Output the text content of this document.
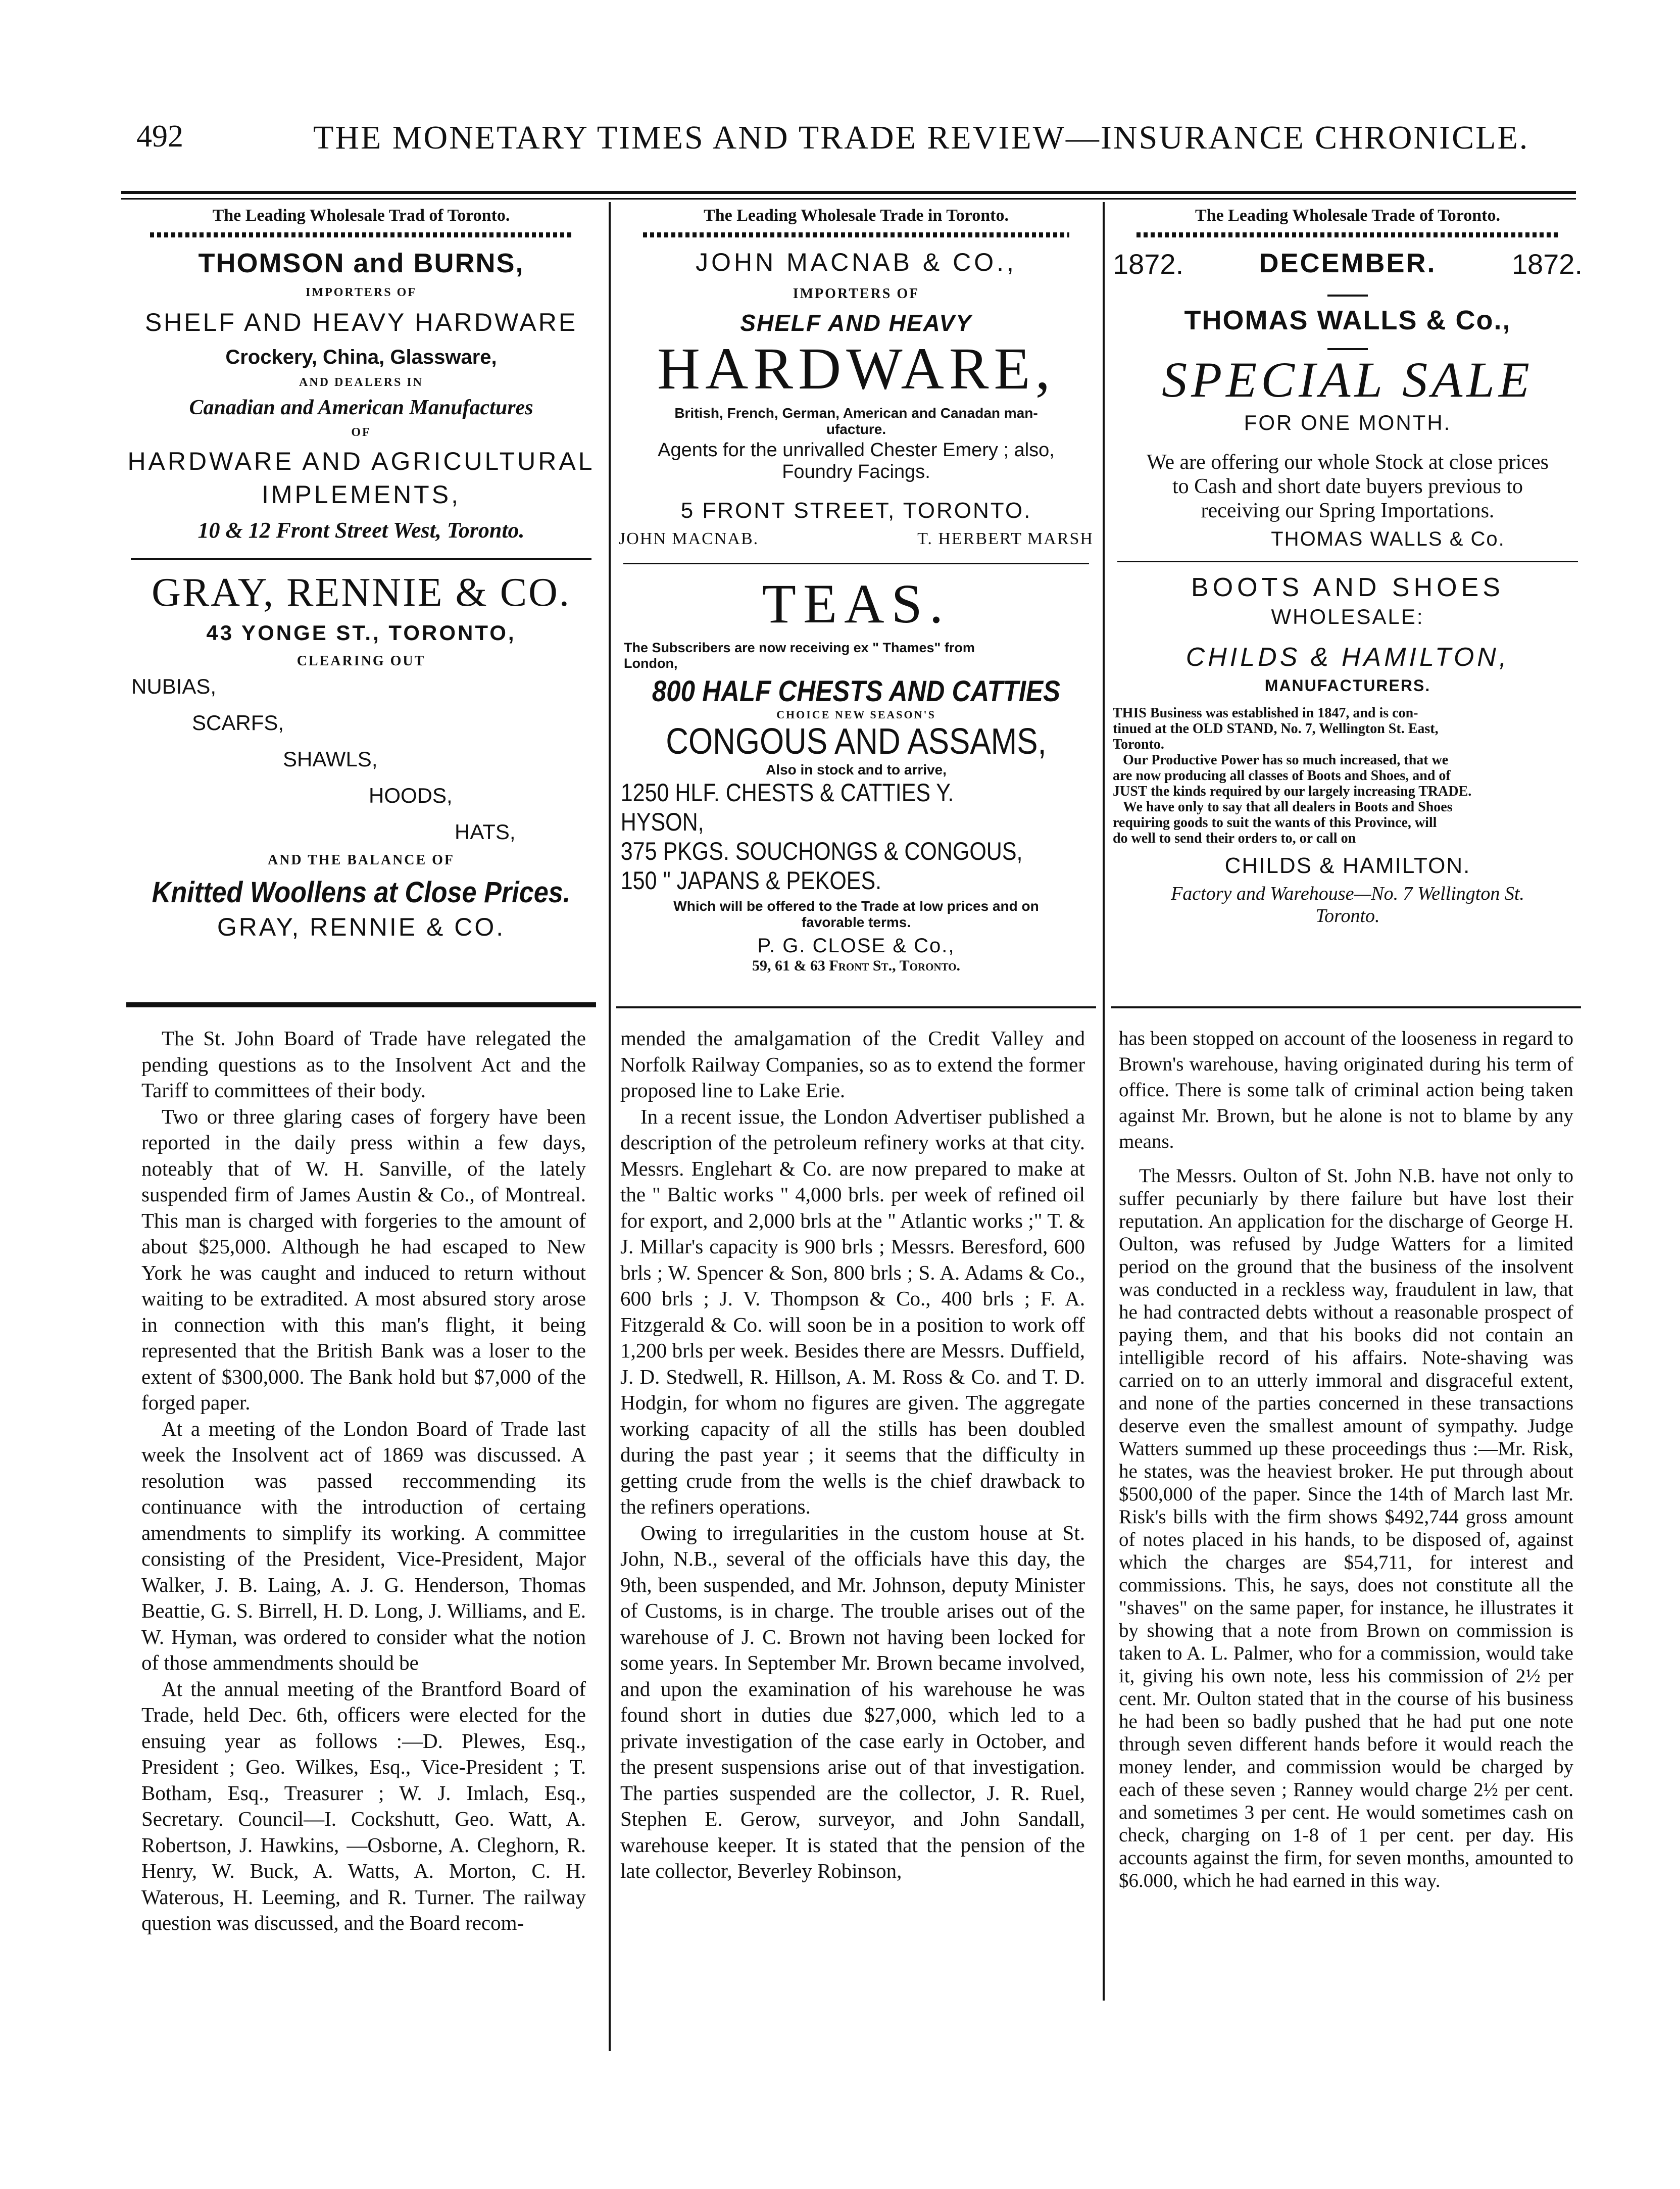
492	THE MONETARY TIMES AND TRADE REVIEW—INSURANCE CHRONICLE.
The Leading Wholesale Trad of Toronto.
THOMSON and BURNS,
IMPORTERS OF
SHELF AND HEAVY HARDWARE
Crockery, China, Glassware,
AND DEALERS IN
Canadian and American Manufactures
OF
HARDWARE AND AGRICULTURAL
IMPLEMENTS,
10 & 12 Front Street West, Toronto.
GRAY, RENNIE & CO.
43 YONGE ST., TORONTO,
CLEARING OUT
NUBIAS,
SCARFS,
SHAWLS,
HOODS,
HATS,
AND THE BALANCE OF
Knitted Woollens at Close Prices.
GRAY, RENNIE & CO.
The Leading Wholesale Trade in Toronto.
JOHN MACNAB & CO.,
IMPORTERS OF
SHELF AND HEAVY
HARDWARE,
British, French, German, American and Canadan man-
ufacture.
Agents for the unrivalled Chester Emery ; also,
Foundry Facings.
5 FRONT STREET, TORONTO.
JOHN MACNAB.	T. HERBERT MARSH
TEAS.
The Subscribers are now receiving ex " Thames" from
London,
800 HALF CHESTS AND CATTIES
CHOICE NEW SEASON'S
CONGOUS AND ASSAMS,
Also in stock and to arrive,
1250 HLF. CHESTS & CATTIES Y. HYSON,
375 PKGS. SOUCHONGS & CONGOUS,
150 " JAPANS & PEKOES.
Which will be offered to the Trade at low prices and on
favorable terms.
P. G. CLOSE & Co.,
59, 61 & 63 Front St., Toronto.
The Leading Wholesale Trade of Toronto.
1872.	DECEMBER.	1872.
THOMAS WALLS & Co.,
SPECIAL SALE
FOR ONE MONTH.
We are offering our whole Stock at close prices
to Cash and short date buyers previous to
receiving our Spring Importations.
THOMAS WALLS & Co.
BOOTS AND SHOES
WHOLESALE:
CHILDS & HAMILTON,
MANUFACTURERS.
THIS Business was established in 1847, and is con-
tinued at the OLD STAND, No. 7, Wellington St. East,
Toronto.
Our Productive Power has so much increased, that we
are now producing all classes of Boots and Shoes, and of
JUST the kinds required by our largely increasing TRADE.
We have only to say that all dealers in Boots and Shoes
requiring goods to suit the wants of this Province, will
do well to send their orders to, or call on
CHILDS & HAMILTON.
Factory and Warehouse—No. 7 Wellington St.
Toronto.

The St. John Board of Trade have relegated the pending questions as to the Insolvent Act and the Tariff to committees of their body.

Two or three glaring cases of forgery have been reported in the daily press within a few days, noteably that of W. H. Sanville, of the lately suspended firm of James Austin & Co., of Montreal. This man is charged with forgeries to the amount of about $25,000. Although he had escaped to New York he was caught and induced to return without waiting to be extradited. A most absured story arose in connection with this man's flight, it being represented that the British Bank was a loser to the extent of $300,000. The Bank hold but $7,000 of the forged paper.

At a meeting of the London Board of Trade last week the Insolvent act of 1869 was discussed. A resolution was passed reccommending its continuance with the introduction of certaing amendments to simplify its working. A committee consisting of the President, Vice-President, Major Walker, J. B. Laing, A. J. G. Henderson, Thomas Beattie, G. S. Birrell, H. D. Long, J. Williams, and E. W. Hyman, was ordered to consider what the notion of those ammendments should be

At the annual meeting of the Brantford Board of Trade, held Dec. 6th, officers were elected for the ensuing year as follows :—D. Plewes, Esq., President ; Geo. Wilkes, Esq., Vice-President ; T. Botham, Esq., Treasurer ; W. J. Imlach, Esq., Secretary. Council—I. Cockshutt, Geo. Watt, A. Robertson, J. Hawkins, —Osborne, A. Cleghorn, R. Henry, W. Buck, A. Watts, A. Morton, C. H. Waterous, H. Leeming, and R. Turner. The railway question was discussed, and the Board recom-

mended the amalgamation of the Credit Valley and Norfolk Railway Companies, so as to extend the former proposed line to Lake Erie.

In a recent issue, the London Advertiser published a description of the petroleum refinery works at that city. Messrs. Englehart & Co. are now prepared to make at the " Baltic works " 4,000 brls. per week of refined oil for export, and 2,000 brls at the " Atlantic works ;" T. & J. Millar's capacity is 900 brls ; Messrs. Beresford, 600 brls ; W. Spencer & Son, 800 brls ; S. A. Adams & Co., 600 brls ; J. V. Thompson & Co., 400 brls ; F. A. Fitzgerald & Co. will soon be in a position to work off 1,200 brls per week. Besides there are Messrs. Duffield, J. D. Stedwell, R. Hillson, A. M. Ross & Co. and T. D. Hodgin, for whom no figures are given. The aggregate working capacity of all the stills has been doubled during the past year ; it seems that the difficulty in getting crude from the wells is the chief drawback to the refiners operations.

Owing to irregularities in the custom house at St. John, N.B., several of the officials have this day, the 9th, been suspended, and Mr. Johnson, deputy Minister of Customs, is in charge. The trouble arises out of the warehouse of J. C. Brown not having been locked for some years. In September Mr. Brown became involved, and upon the examination of his warehouse he was found short in duties due $27,000, which led to a private investigation of the case early in October, and the present suspensions arise out of that investigation. The parties suspended are the collector, J. R. Ruel, Stephen E. Gerow, surveyor, and John Sandall, warehouse keeper. It is stated that the pension of the late collector, Beverley Robinson,

has been stopped on account of the looseness in regard to Brown's warehouse, having originated during his term of office. There is some talk of criminal action being taken against Mr. Brown, but he alone is not to blame by any means.

The Messrs. Oulton of St. John N.B. have not only to suffer pecuniarly by there failure but have lost their reputation. An application for the discharge of George H. Oulton, was refused by Judge Watters for a limited period on the ground that the business of the insolvent was conducted in a reckless way, fraudulent in law, that he had contracted debts without a reasonable prospect of paying them, and that his books did not contain an intelligible record of his affairs. Note-shaving was carried on to an utterly immoral and disgraceful extent, and none of the parties concerned in these transactions deserve even the smallest amount of sympathy. Judge Watters summed up these proceedings thus :—Mr. Risk, he states, was the heaviest broker. He put through about $500,000 of the paper. Since the 14th of March last Mr. Risk's bills with the firm shows $492,744 gross amount of notes placed in his hands, to be disposed of, against which the charges are $54,711, for interest and commissions. This, he says, does not constitute all the "shaves" on the same paper, for instance, he illustrates it by showing that a note from Brown on commission is taken to A. L. Palmer, who for a commission, would take it, giving his own note, less his commission of 2½ per cent. Mr. Oulton stated that in the course of his business he had been so badly pushed that he had put one note through seven different hands before it would reach the money lender, and commission would be charged by each of these seven ; Ranney would charge 2½ per cent. and sometimes 3 per cent. He would sometimes cash on check, charging on 1-8 of 1 per cent. per day. His accounts against the firm, for seven months, amounted to $6.000, which he had earned in this way.
